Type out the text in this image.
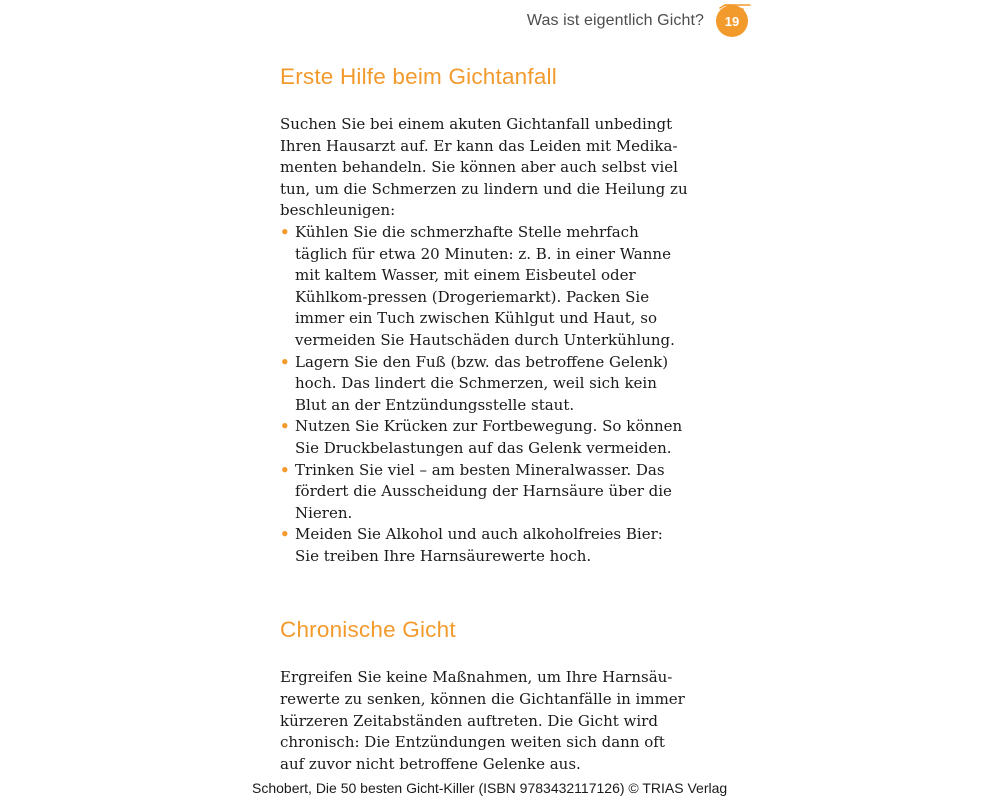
Was ist eigentlich Gicht?	19
Erste Hilfe beim Gichtanfall

Suchen Sie bei einem akuten Gichtanfall unbedingt Ihren Hausarzt auf. Er kann das Leiden mit Medika-menten behandeln. Sie können aber auch selbst viel tun, um die Schmerzen zu lindern und die Heilung zu beschleunigen:

• Kühlen Sie die schmerzhafte Stelle mehrfach täglich für etwa 20 Minuten: z. B. in einer Wanne mit kaltem Wasser, mit einem Eisbeutel oder Kühlkom-pressen (Drogeriemarkt). Packen Sie immer ein Tuch zwischen Kühlgut und Haut, so vermeiden Sie Hautschäden durch Unterkühlung.
• Lagern Sie den Fuß (bzw. das betroffene Gelenk) hoch. Das lindert die Schmerzen, weil sich kein Blut an der Entzündungsstelle staut.
• Nutzen Sie Krücken zur Fortbewegung. So können Sie Druckbelastungen auf das Gelenk vermeiden.
• Trinken Sie viel – am besten Mineralwasser. Das fördert die Ausscheidung der Harnsäure über die Nieren.
• Meiden Sie Alkohol und auch alkoholfreies Bier: Sie treiben Ihre Harnsäurewerte hoch.
Chronische Gicht

Ergreifen Sie keine Maßnahmen, um Ihre Harnsäu-rewerte zu senken, können die Gichtanfälle in immer kürzeren Zeitabständen auftreten. Die Gicht wird chronisch: Die Entzündungen weiten sich dann oft auf zuvor nicht betroffene Gelenke aus.

Schobert, Die 50 besten Gicht-Killer (ISBN 9783432117126) © TRIAS Verlag
